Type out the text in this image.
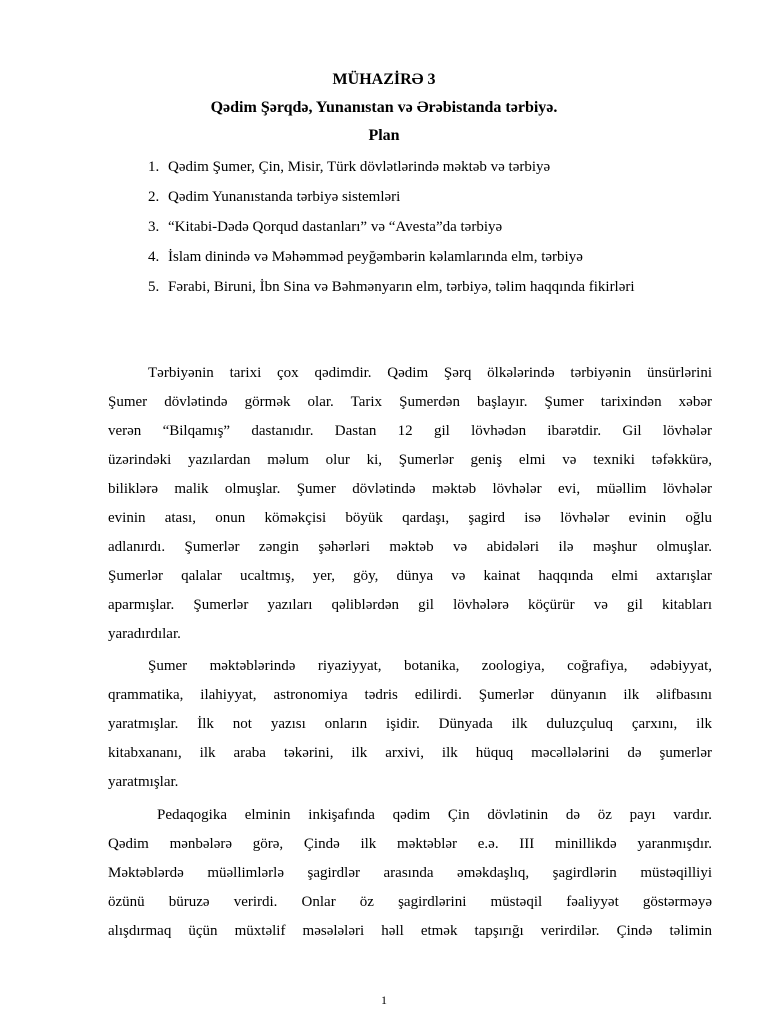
MÜHAZİRƏ 3
Qədim Şərqdə, Yunanıstan və Ərəbistanda tərbiyə.
Plan
1. Qədim Şumer, Çin, Misir, Türk dövlətlərində məktəb və tərbiyə
2. Qədim Yunanıstanda tərbiyə sistemləri
3. “Kitabi-Dədə Qorqud dastanları” və “Avesta”da tərbiyə
4. İslam dinində və Məhəmməd peyğəmbərin kəlamlarında elm, tərbiyə
5. Fərabi, Biruni, İbn Sina və Bəhmənyarın elm, tərbiyə, təlim haqqında fikirləri
Tərbiyənin tarixi çox qədimdir. Qədim Şərq ölkələrində tərbiyənin ünsürlərini
Şumer dövlətində görmək olar. Tarix Şumerdən başlayır. Şumer tarixindən xəbər
verən “Bilqamış” dastanıdır. Dastan 12 gil lövhədən ibarətdir. Gil lövhələr
üzərindəki yazılardan məlum olur ki, Şumerlər geniş elmi və texniki təfəkkürə,
biliklərə malik olmuşlar. Şumer dövlətində məktəb lövhələr evi, müəllim lövhələr
evinin atası, onun köməkçisi böyük qardaşı, şagird isə lövhələr evinin oğlu
adlanırdı. Şumerlər zəngin şəhərləri məktəb və abidələri ilə məşhur olmuşlar.
Şumerlər qalalar ucaltmış, yer, göy, dünya və kainat haqqında elmi axtarışlar
aparmışlar. Şumerlər yazıları qəliblərdən gil lövhələrə köçürür və gil kitabları
yaradırdılar.
Şumer məktəblərində riyaziyyat, botanika, zoologiya, coğrafiya, ədəbiyyat,
qrammatika, ilahiyyat, astronomiya tədris edilirdi. Şumerlər dünyanın ilk əlifbasını
yaratmışlar. İlk not yazısı onların işidir. Dünyada ilk duluzçuluq çarxını, ilk
kitabxananı, ilk araba təkərini, ilk arxivi, ilk hüquq məcəllələrini də şumerlər
yaratmışlar.
Pedaqogika elminin inkişafında qədim Çin dövlətinin də öz payı vardır.
Qədim mənbələrə görə, Çində ilk məktəblər e.ə. III minillikdə yaranmışdır.
Məktəblərdə müəllimlərlə şagirdlər arasında əməkdaşlıq, şagirdlərin müstəqilliyi
özünü büruzə verirdi. Onlar öz şagirdlərini müstəqil fəaliyyət göstərməyə
alışdırmaq üçün müxtəlif məsələləri həll etmək tapşırığı verirdilər. Çində təlimin
1
